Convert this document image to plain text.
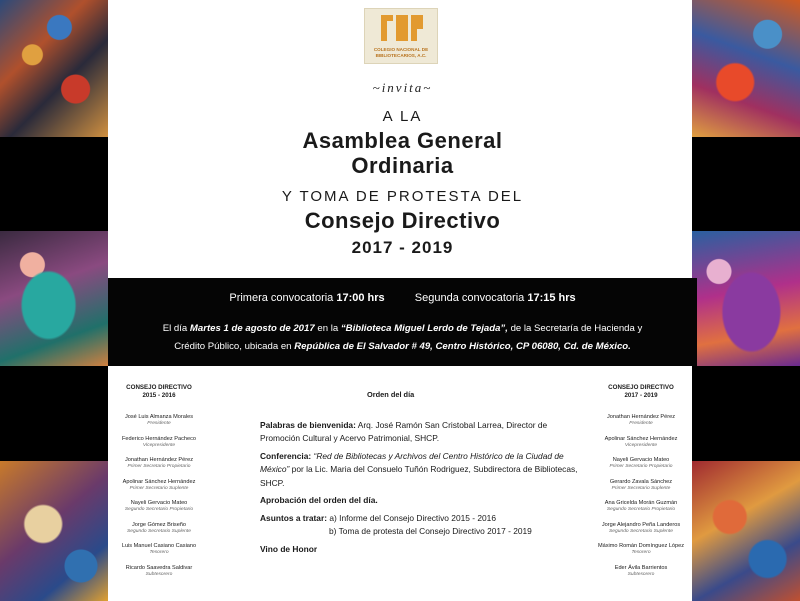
COLEGIO NACIONAL DE BIBLIOTECARIOS, A.C.
~invita~
A LA
Asamblea General
Ordinaria
Y TOMA DE PROTESTA DEL
Consejo Directivo
2017 - 2019
Primera convocatoria 17:00 hrs	Segunda convocatoria 17:15 hrs
El día Martes 1 de agosto de 2017 en la “Biblioteca Miguel Lerdo de Tejada”, de la Secretaría de Hacienda y Crédito Público, ubicada en República de El Salvador # 49, Centro Histórico, CP 06080, Cd. de México.
CONSEJO DIRECTIVO
2015 - 2016
José Luis Almanza Morales
Presidente
Federico Hernández Pacheco
Vicepresidente
Jonathan Hernández Pérez
Primer Secretario Propietario
Apolinar Sánchez Hernández
Primer Secretario Suplente
Nayeli Gervacio Mateo
Segundo Secretario Propietario
Jorge Gómez Briseño
Segundo Secretario Suplente
Luis Manuel Casiano Casiano
Tesorero
Ricardo Saavedra Saldivar
Subtesorero
CONSEJO DIRECTIVO
2017 - 2019
Jonathan Hernández Pérez
Presidente
Apolinar Sánchez Hernández
Vicepresidente
Nayeli Gervacio Mateo
Primer Secretario Propietario
Gerardo Zavala Sánchez
Primer Secretario Suplente
Ana Gricelda Morán Guzmán
Segundo Secretario Propietario
Jorge Alejandro Peña Landeros
Segundo Secretario Suplente
Máximo Román Domínguez López
Tesorero
Eder Ávila Barrientos
Subtesorero
Orden del día

Palabras de bienvenida: Arq. José Ramón San Cristobal Larrea, Director de Promoción Cultural y Acervo Patrimonial, SHCP.

Conferencia: “Red de Bibliotecas y Archivos del Centro Histórico de la Ciudad de México” por la Lic. Maria del Consuelo Tuñón Rodriguez, Subdirectora de Bibliotecas, SHCP.

Aprobación del orden del día.

Asuntos a tratar: a) Informe del Consejo Directivo 2015 - 2016

b) Toma de protesta del Consejo Directivo 2017 - 2019

Vino de Honor
